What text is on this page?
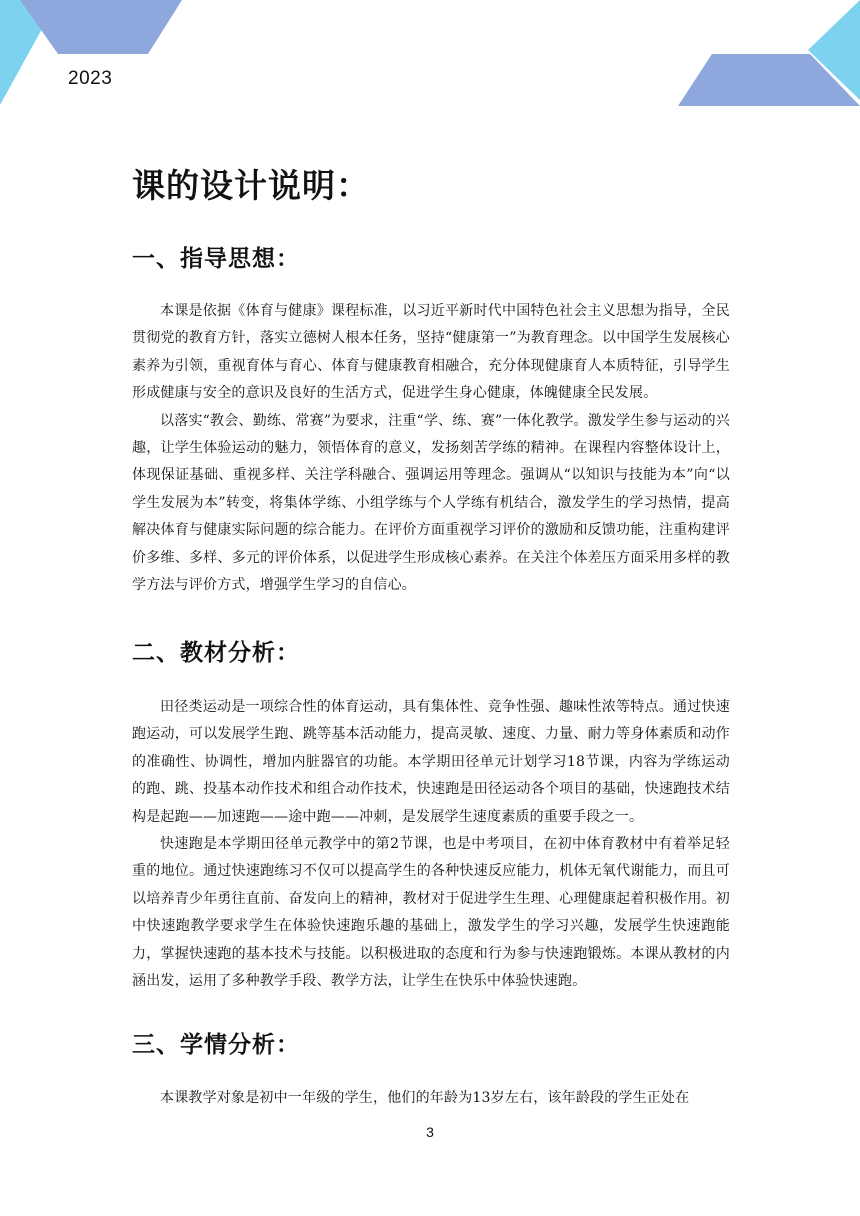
2023
课的设计说明：
一、指导思想：

本课是依据《体育与健康》课程标准，以习近平新时代中国特色社会主义思想为指导，全民贯彻党的教育方针，落实立德树人根本任务，坚持“健康第一”为教育理念。以中国学生发展核心素养为引领，重视育体与育心、体育与健康教育相融合，充分体现健康育人本质特征，引导学生形成健康与安全的意识及良好的生活方式，促进学生身心健康，体魄健康全民发展。

以落实“教会、勤练、常赛”为要求，注重“学、练、赛”一体化教学。激发学生参与运动的兴趣，让学生体验运动的魅力，领悟体育的意义，发扬刻苦学练的精神。在课程内容整体设计上，体现保证基础、重视多样、关注学科融合、强调运用等理念。强调从“以知识与技能为本”向“以学生发展为本”转变，将集体学练、小组学练与个人学练有机结合，激发学生的学习热情，提高解决体育与健康实际问题的综合能力。在评价方面重视学习评价的激励和反馈功能，注重构建评价多维、多样、多元的评价体系，以促进学生形成核心素养。在关注个体差压方面采用多样的教学方法与评价方式，增强学生学习的自信心。

二、教材分析：

田径类运动是一项综合性的体育运动，具有集体性、竞争性强、趣味性浓等特点。通过快速跑运动，可以发展学生跑、跳等基本活动能力，提高灵敏、速度、力量、耐力等身体素质和动作的准确性、协调性，增加内脏器官的功能。本学期田径单元计划学习18节课，内容为学练运动的跑、跳、投基本动作技术和组合动作技术，快速跑是田径运动各个项目的基础，快速跑技术结构是起跑——加速跑——途中跑——冲刺，是发展学生速度素质的重要手段之一。

快速跑是本学期田径单元教学中的第2节课，也是中考项目，在初中体育教材中有着举足轻重的地位。通过快速跑练习不仅可以提高学生的各种快速反应能力，机体无氧代谢能力，而且可以培养青少年勇往直前、奋发向上的精神，教材对于促进学生生理、心理健康起着积极作用。初中快速跑教学要求学生在体验快速跑乐趣的基础上，激发学生的学习兴趣，发展学生快速跑能力，掌握快速跑的基本技术与技能。以积极进取的态度和行为参与快速跑锻炼。本课从教材的内涵出发，运用了多种教学手段、教学方法，让学生在快乐中体验快速跑。

三、学情分析：

本课教学对象是初中一年级的学生，他们的年龄为13岁左右，该年龄段的学生正处在

3
